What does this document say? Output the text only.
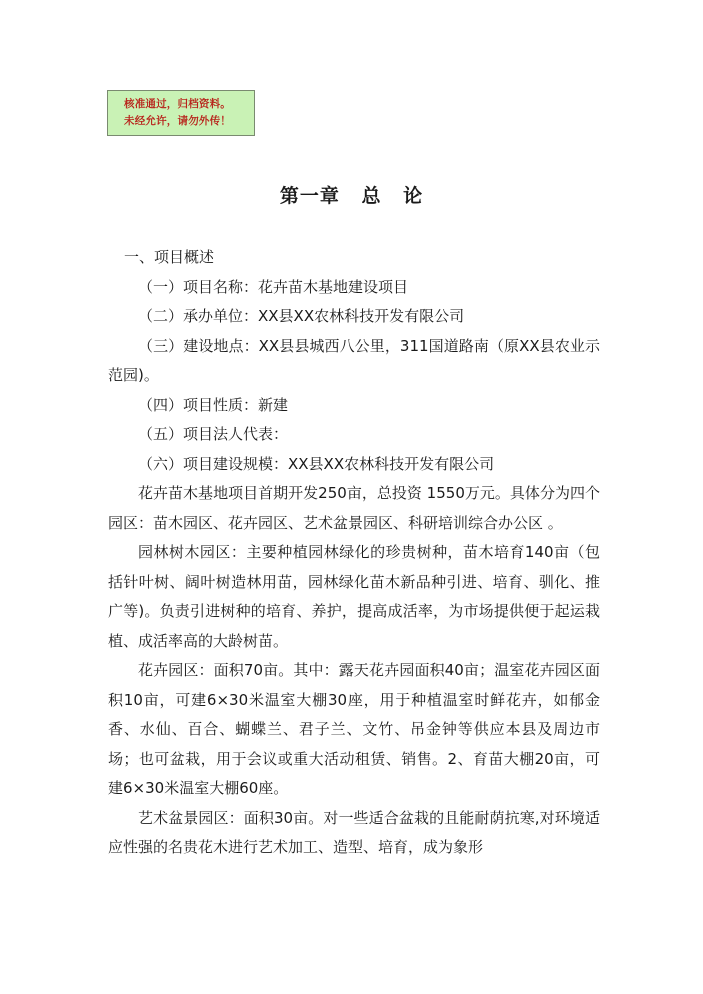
核准通过，归档资料。
未经允许，请勿外传！
第一章 总 论

一、项目概述

（一）项目名称：花卉苗木基地建设项目

（二）承办单位：XX县XX农林科技开发有限公司

（三）建设地点：XX县县城西八公里，311国道路南（原XX县农业示范园)。

（四）项目性质：新建

（五）项目法人代表：

（六）项目建设规模：XX县XX农林科技开发有限公司

花卉苗木基地项目首期开发250亩，总投资 1550万元。具体分为四个园区：苗木园区、花卉园区、艺术盆景园区、科研培训综合办公区 。

园林树木园区：主要种植园林绿化的珍贵树种，苗木培育140亩（包括针叶树、阔叶树造林用苗，园林绿化苗木新品种引进、培育、驯化、推广等)。负责引进树种的培育、养护，提高成活率，为市场提供便于起运栽植、成活率高的大龄树苗。

花卉园区：面积70亩。其中：露天花卉园面积40亩；温室花卉园区面积10亩，可建6×30米温室大棚30座，用于种植温室时鲜花卉，如郁金香、水仙、百合、蝴蝶兰、君子兰、文竹、吊金钟等供应本县及周边市场；也可盆栽，用于会议或重大活动租赁、销售。2、育苗大棚20亩，可建6×30米温室大棚60座。

艺术盆景园区：面积30亩。对一些适合盆栽的且能耐荫抗寒,对环境适应性强的名贵花木进行艺术加工、造型、培育，成为象形
